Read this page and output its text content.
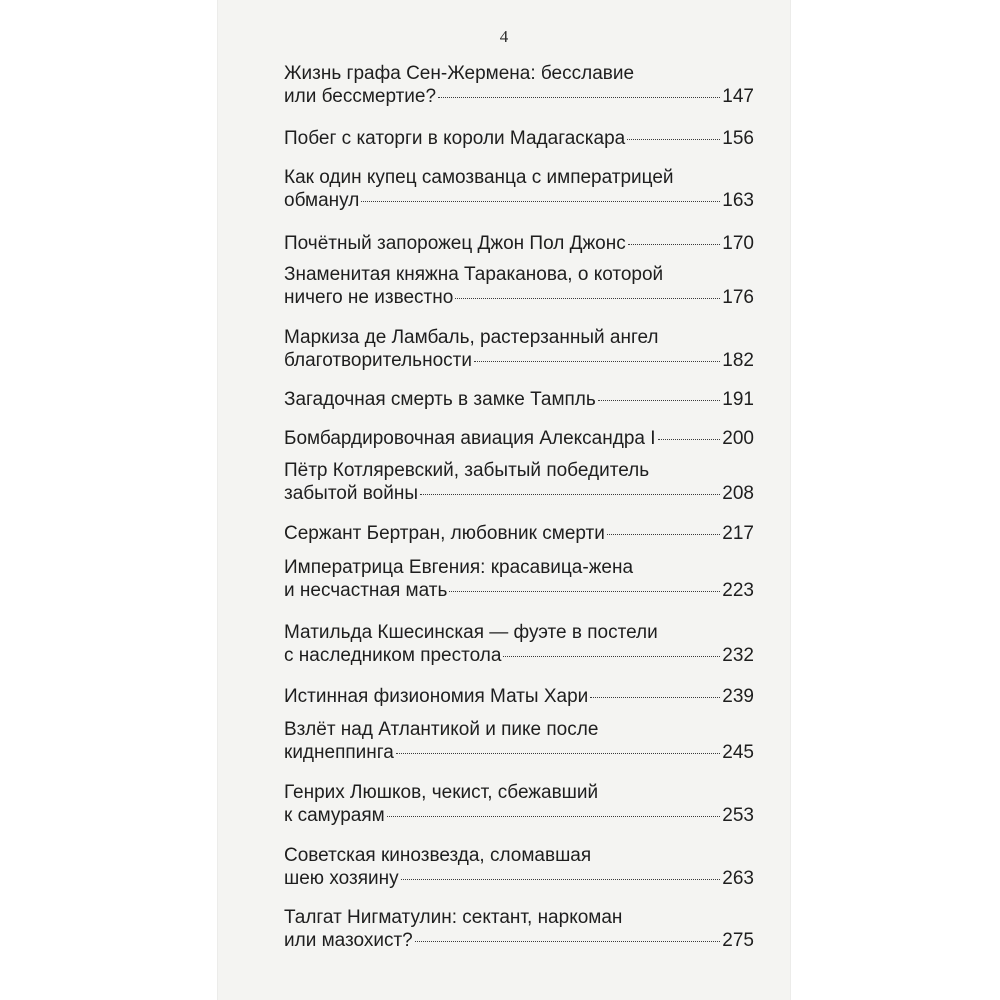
4
Жизнь графа Сен-Жермена: бесславие
или бессмертие?	147
Побег с каторги в короли Мадагаскара	156
Как один купец самозванца с императрицей
обманул	163
Почётный запорожец Джон Пол Джонс	170
Знаменитая княжна Тараканова, о которой
ничего не известно	176
Маркиза де Ламбаль, растерзанный ангел
благотворительности	182
Загадочная смерть в замке Тампль	191
Бомбардировочная авиация Александра I	200
Пётр Котляревский, забытый победитель
забытой войны	208
Сержант Бертран, любовник смерти	217
Императрица Евгения: красавица-жена
и несчастная мать	223
Матильда Кшесинская — фуэте в постели
с наследником престола	232
Истинная физиономия Маты Хари	239
Взлёт над Атлантикой и пике после
киднеппинга	245
Генрих Люшков, чекист, сбежавший
к самураям	253
Советская кинозвезда, сломавшая
шею хозяину	263
Талгат Нигматулин: сектант, наркоман
или мазохист?	275
